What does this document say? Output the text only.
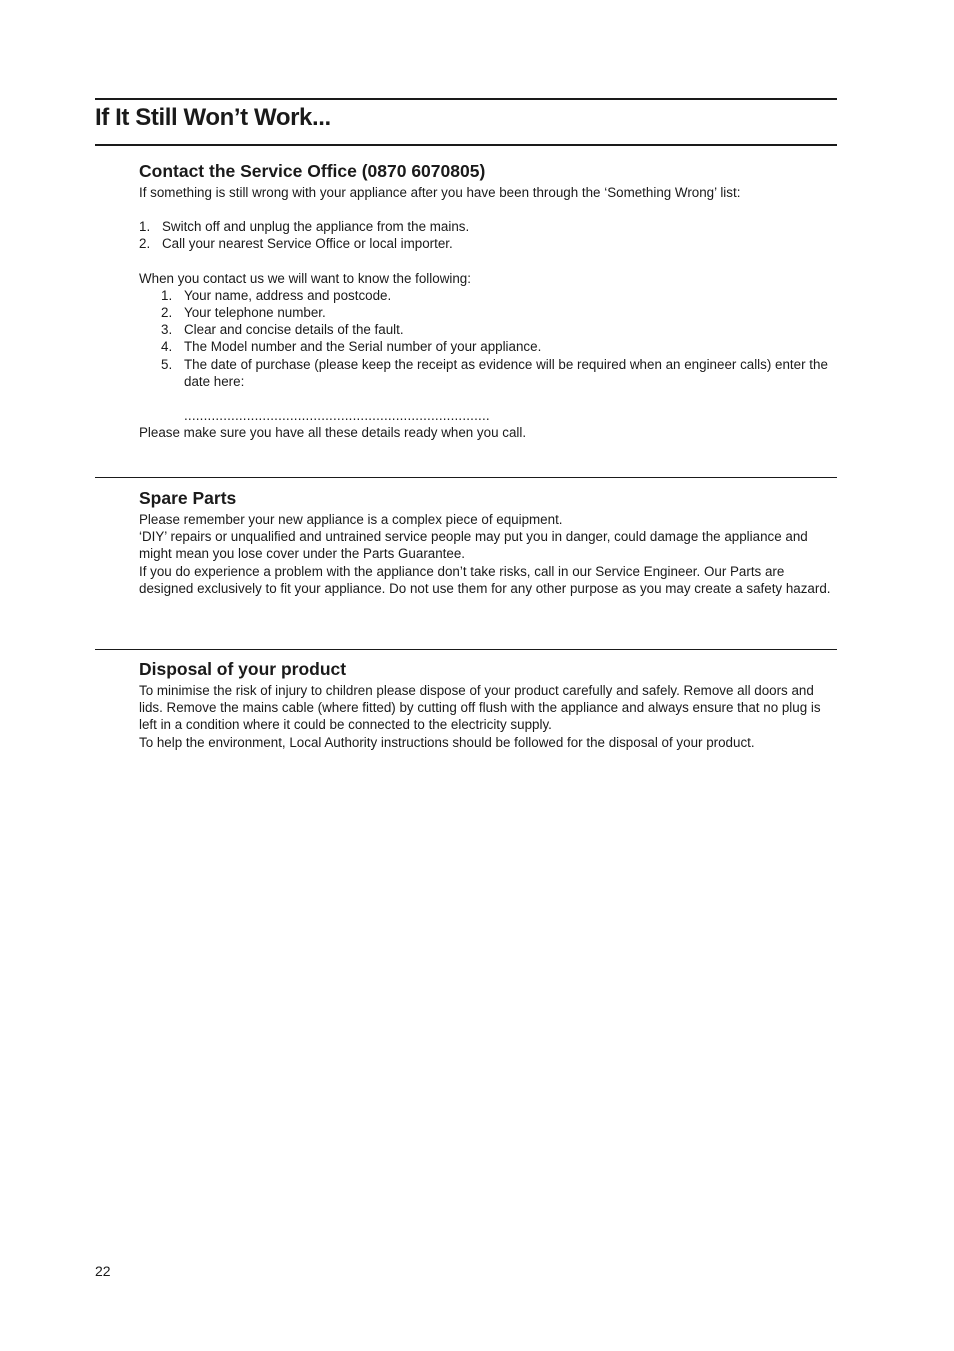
If It Still Won’t Work...
Contact the Service Office (0870 6070805)

If something is still wrong with your appliance after you have been through the ‘Something Wrong’ list:

1. Switch off and unplug the appliance from the mains.
2. Call your nearest Service Office or local importer.

When you contact us we will want to know the following:

1. Your name, address and postcode.
2. Your telephone number.
3. Clear and concise details of the fault.
4. The Model number and the Serial number of your appliance.
5. The date of purchase (please keep the receipt as evidence will be required when an engineer calls) enter the date here:

..............................................................................

Please make sure you have all these details ready when you call.

Spare Parts

Please remember your new appliance is a complex piece of equipment.

‘DIY’ repairs or unqualified and untrained service people may put you in danger, could damage the appliance and might mean you lose cover under the Parts Guarantee.

If you do experience a problem with the appliance don’t take risks, call in our Service Engineer. Our Parts are designed exclusively to fit your appliance. Do not use them for any other purpose as you may create a safety hazard.

Disposal of your product

To minimise the risk of injury to children please dispose of your product carefully and safely. Remove all doors and lids. Remove the mains cable (where fitted) by cutting off flush with the appliance and always ensure that no plug is left in a condition where it could be connected to the electricity supply.

To help the environment, Local Authority instructions should be followed for the disposal of your product.

22
